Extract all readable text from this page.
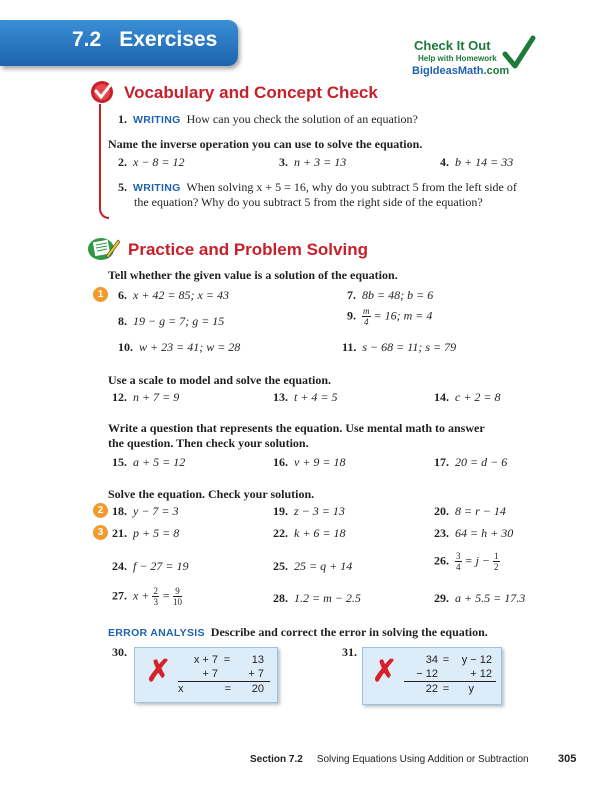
7.2 Exercises	Check It Out
Help with Homework
BigIdeasMath.com
Vocabulary and Concept Check
1. WRITING How can you check the solution of an equation?
Name the inverse operation you can use to solve the equation.
2. x − 8 = 12	3. n + 3 = 13	4. b + 14 = 33
5. WRITING When solving x + 5 = 16, why do you subtract 5 from the left side of
the equation? Why do you subtract 5 from the right side of the equation?
Practice and Problem Solving
Tell whether the given value is a solution of the equation.
1	6. x + 42 = 85; x = 43	7. 8b = 48; b = 6
8. 19 − g = 7; g = 15	9. $\frac{m}{4} = 16$; m = 4
10. w + 23 = 41; w = 28	11. s − 68 = 11; s = 79
Use a scale to model and solve the equation.
12. n + 7 = 9	13. t + 4 = 5	14. c + 2 = 8
Write a question that represents the equation. Use mental math to answer
the question. Then check your solution.
15. a + 5 = 12	16. v + 9 = 18	17. 20 = d − 6
Solve the equation. Check your solution.
2 18. y − 7 = 3	19. z − 3 = 13	20. 8 = r − 14
3 21. p + 5 = 8	22. k + 6 = 18	23. 64 = h + 30
24. f − 27 = 19	25. 25 = q + 14	26. $\frac{3}{4} = j - \frac{1}{2}$
27. $x + \frac{2}{3} = \frac{9}{10}$	28. 1.2 = m − 2.5	29. a + 5.5 = 17.3
ERROR ANALYSIS Describe and correct the error in solving the equation.
30.
✗	x + 7 =	13
+ 7	+ 7
x	=	20
31.
✗	34 =	y − 12
− 12	+ 12
22 =	y
Section 7.2 Solving Equations Using Addition or Subtraction	305
